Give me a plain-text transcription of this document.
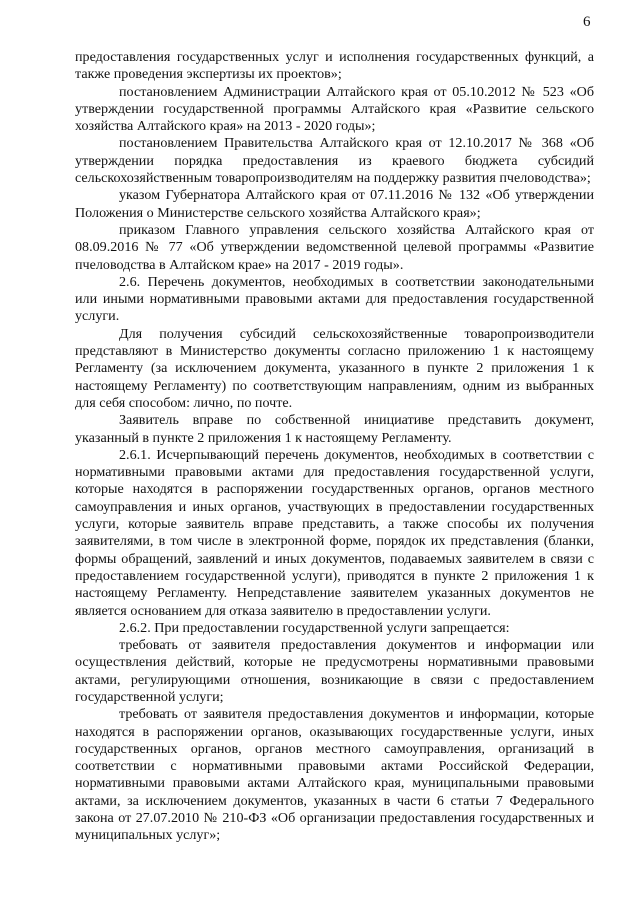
6

предоставления государственных услуг и исполнения государственных функций, а также проведения экспертизы их проектов»;

постановлением Администрации Алтайского края от 05.10.2012 № 523 «Об утверждении государственной программы Алтайского края «Развитие сельского хозяйства Алтайского края» на 2013 - 2020 годы»;

постановлением Правительства Алтайского края от 12.10.2017 № 368 «Об утверждении порядка предоставления из краевого бюджета субсидий сельскохозяйственным товаропроизводителям на поддержку развития пчеловодства»;

указом Губернатора Алтайского края от 07.11.2016 № 132 «Об утверждении Положения о Министерстве сельского хозяйства Алтайского края»;

приказом Главного управления сельского хозяйства Алтайского края от 08.09.2016 № 77 «Об утверждении ведомственной целевой программы «Развитие пчеловодства в Алтайском крае» на 2017 - 2019 годы».

2.6. Перечень документов, необходимых в соответствии законодательными или иными нормативными правовыми актами для предоставления государственной услуги.

Для получения субсидий сельскохозяйственные товаропроизводители представляют в Министерство документы согласно приложению 1 к настоящему Регламенту (за исключением документа, указанного в пункте 2 приложения 1 к настоящему Регламенту) по соответствующим направлениям, одним из выбранных для себя способом: лично, по почте.

Заявитель вправе по собственной инициативе представить документ, указанный в пункте 2 приложения 1 к настоящему Регламенту.

2.6.1. Исчерпывающий перечень документов, необходимых в соответствии с нормативными правовыми актами для предоставления государственной услуги, которые находятся в распоряжении государственных органов, органов местного самоуправления и иных органов, участвующих в предоставлении государственных услуги, которые заявитель вправе представить, а также способы их получения заявителями, в том числе в электронной форме, порядок их представления (бланки, формы обращений, заявлений и иных документов, подаваемых заявителем в связи с предоставлением государственной услуги), приводятся в пункте 2 приложения 1 к настоящему Регламенту. Непредставление заявителем указанных документов не является основанием для отказа заявителю в предоставлении услуги.

2.6.2. При предоставлении государственной услуги запрещается:

требовать от заявителя предоставления документов и информации или осуществления действий, которые не предусмотрены нормативными правовыми актами, регулирующими отношения, возникающие в связи с предоставлением государственной услуги;

требовать от заявителя предоставления документов и информации, которые находятся в распоряжении органов, оказывающих государственные услуги, иных государственных органов, органов местного самоуправления, организаций в соответствии с нормативными правовыми актами Российской Федерации, нормативными правовыми актами Алтайского края, муниципальными правовыми актами, за исключением документов, указанных в части 6 статьи 7 Федерального закона от 27.07.2010 № 210-ФЗ «Об организации предоставления государственных и муниципальных услуг»;
